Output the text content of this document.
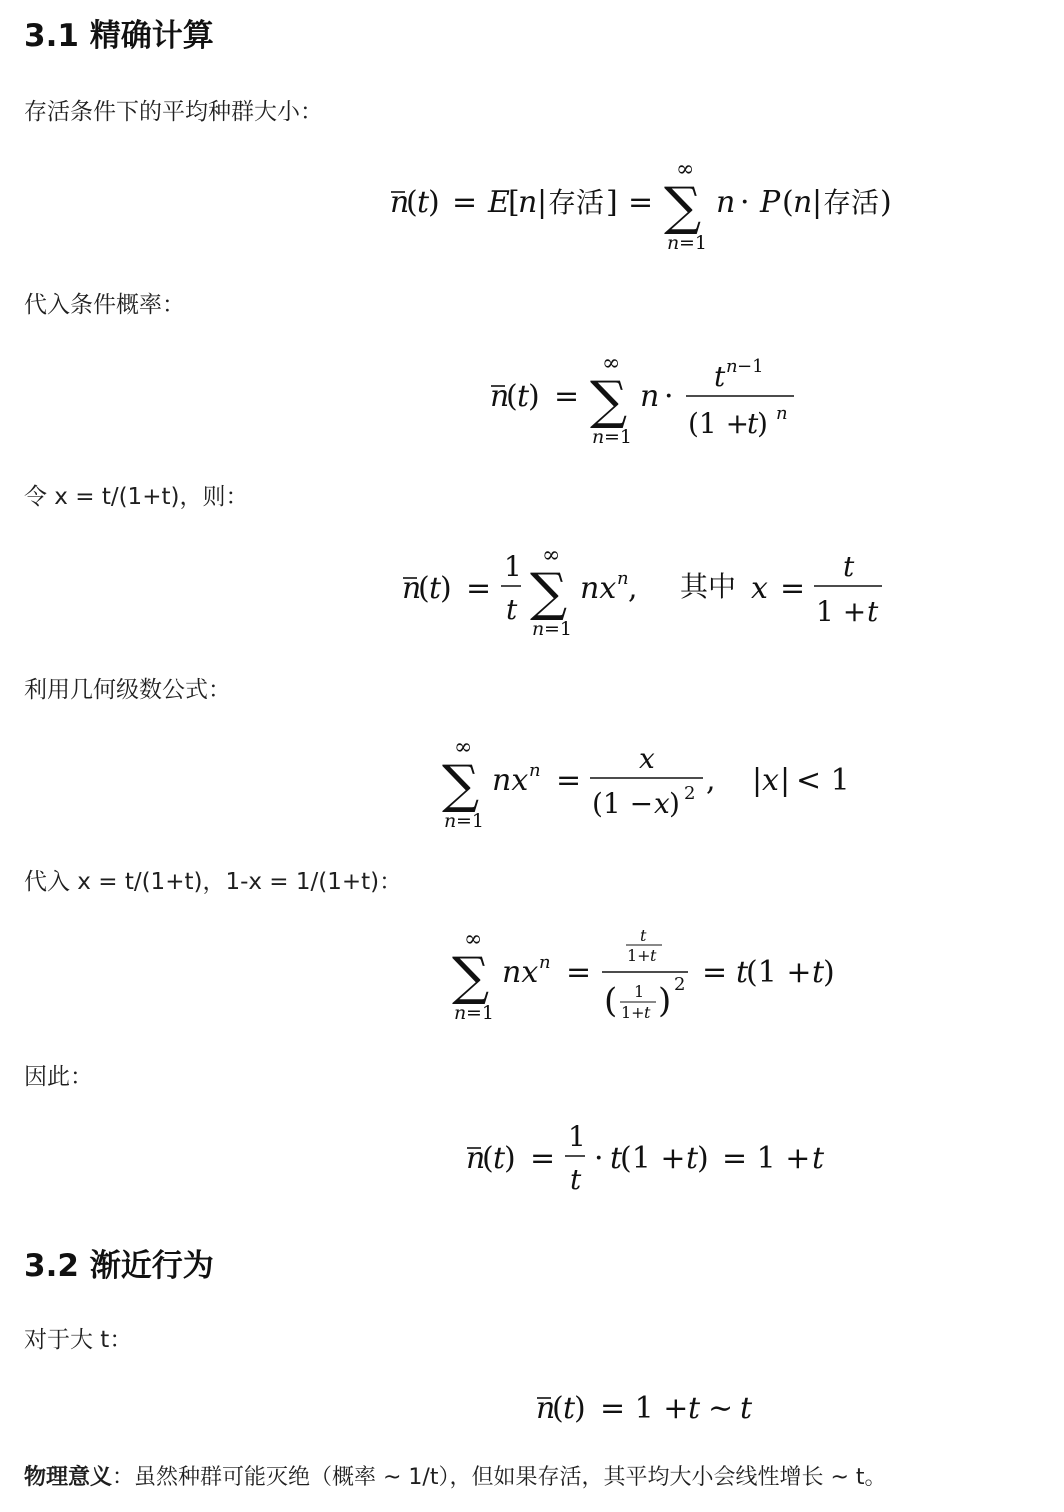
3.1 精确计算

存活条件下的平均种群大小：

n
( t
) = E
[
n | 存活 ] = ∑
∞
n =1
n · P ( n | 存活 )

代入条件概率：

n
( t
) = ∑
∞
n =1
n ·
t n −1
(1 +
t
) n

令 x = t/(1+t)，则：

n
( t
) =
1
t ∑
∞
n =1
nx n , 其中 x =
t
1 + t

利用几何级数公式：

∑
∞
n =1
nx n =
x
(1 − x ) 2 , | x | < 1

代入 x = t/(1+t)，1-x = 1/(1+t)：

∑
∞
n =1
nx n =
t
1+ t
( 1
1+ t ) 2 = t
(1 + t
)

因此：

n
( t
) =
1
t
· t
(1 + t
) = 1 + t
3.2 渐近行为

对于大 t：

n
( t
) = 1 + t ∼ t

物理意义：虽然种群可能灭绝（概率 ~ 1/t），但如果存活，其平均大小会线性增长 ~ t。
